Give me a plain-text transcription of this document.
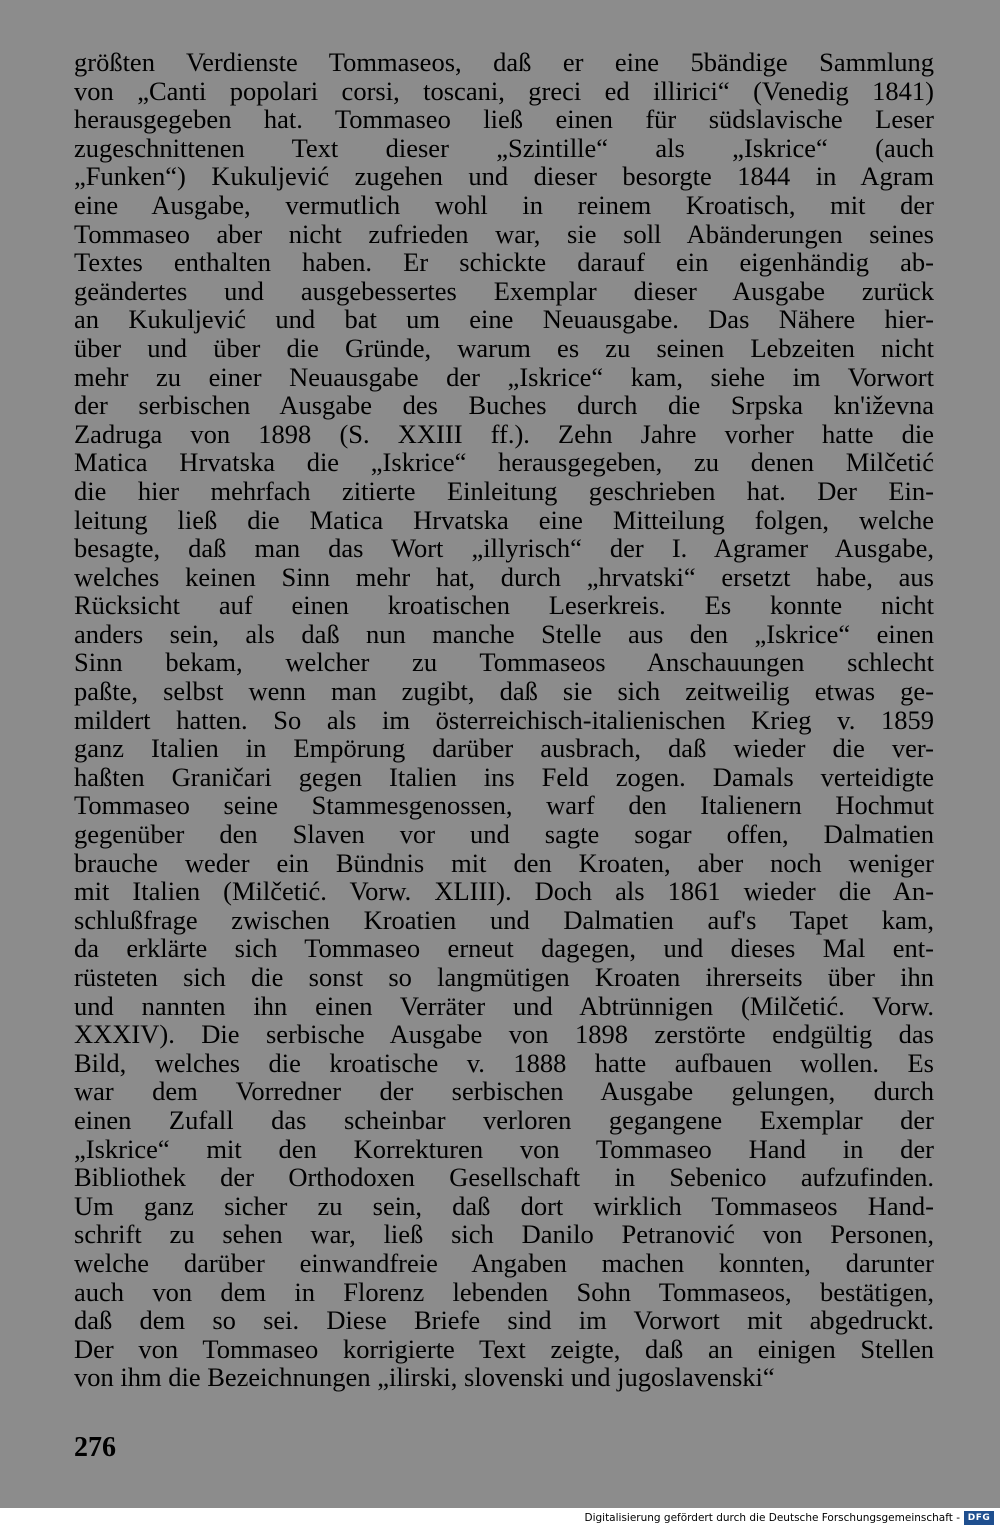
größten Verdienste Tommaseos, daß er eine 5bändige Sammlung
von „Canti popolari corsi, toscani, greci ed illirici“ (Venedig 1841)
herausgegeben hat. Tommaseo ließ einen für südslavische Leser
zugeschnittenen Text dieser „Szintille“ als „Iskrice“ (auch
„Funken“) Kukuljević zugehen und dieser besorgte 1844 in Agram
eine Ausgabe, vermutlich wohl in reinem Kroatisch, mit der
Tommaseo aber nicht zufrieden war, sie soll Abänderungen seines
Textes enthalten haben. Er schickte darauf ein eigenhändig ab-
geändertes und ausgebessertes Exemplar dieser Ausgabe zurück
an Kukuljević und bat um eine Neuausgabe. Das Nähere hier-
über und über die Gründe, warum es zu seinen Lebzeiten nicht
mehr zu einer Neuausgabe der „Iskrice“ kam, siehe im Vorwort
der serbischen Ausgabe des Buches durch die Srpska kn'iževna
Zadruga von 1898 (S. XXIII ff.). Zehn Jahre vorher hatte die
Matica Hrvatska die „Iskrice“ herausgegeben, zu denen Milčetić
die hier mehrfach zitierte Einleitung geschrieben hat. Der Ein-
leitung ließ die Matica Hrvatska eine Mitteilung folgen, welche
besagte, daß man das Wort „illyrisch“ der I. Agramer Ausgabe,
welches keinen Sinn mehr hat, durch „hrvatski“ ersetzt habe, aus
Rücksicht auf einen kroatischen Leserkreis. Es konnte nicht
anders sein, als daß nun manche Stelle aus den „Iskrice“ einen
Sinn bekam, welcher zu Tommaseos Anschauungen schlecht
paßte, selbst wenn man zugibt, daß sie sich zeitweilig etwas ge-
mildert hatten. So als im österreichisch-italienischen Krieg v. 1859
ganz Italien in Empörung darüber ausbrach, daß wieder die ver-
haßten Graničari gegen Italien ins Feld zogen. Damals verteidigte
Tommaseo seine Stammesgenossen, warf den Italienern Hochmut
gegenüber den Slaven vor und sagte sogar offen, Dalmatien
brauche weder ein Bündnis mit den Kroaten, aber noch weniger
mit Italien (Milčetić. Vorw. XLIII). Doch als 1861 wieder die An-
schlußfrage zwischen Kroatien und Dalmatien auf's Tapet kam,
da erklärte sich Tommaseo erneut dagegen, und dieses Mal ent-
rüsteten sich die sonst so langmütigen Kroaten ihrerseits über ihn
und nannten ihn einen Verräter und Abtrünnigen (Milčetić. Vorw.
XXXIV). Die serbische Ausgabe von 1898 zerstörte endgültig das
Bild, welches die kroatische v. 1888 hatte aufbauen wollen. Es
war dem Vorredner der serbischen Ausgabe gelungen, durch
einen Zufall das scheinbar verloren gegangene Exemplar der
„Iskrice“ mit den Korrekturen von Tommaseo Hand in der
Bibliothek der Orthodoxen Gesellschaft in Sebenico aufzufinden.
Um ganz sicher zu sein, daß dort wirklich Tommaseos Hand-
schrift zu sehen war, ließ sich Danilo Petranović von Personen,
welche darüber einwandfreie Angaben machen konnten, darunter
auch von dem in Florenz lebenden Sohn Tommaseos, bestätigen,
daß dem so sei. Diese Briefe sind im Vorwort mit abgedruckt.
Der von Tommaseo korrigierte Text zeigte, daß an einigen Stellen
von ihm die Bezeichnungen „ilirski, slovenski und jugoslavenski“
276
Digitalisierung gefördert durch die Deutsche Forschungsgemeinschaft - DFG
